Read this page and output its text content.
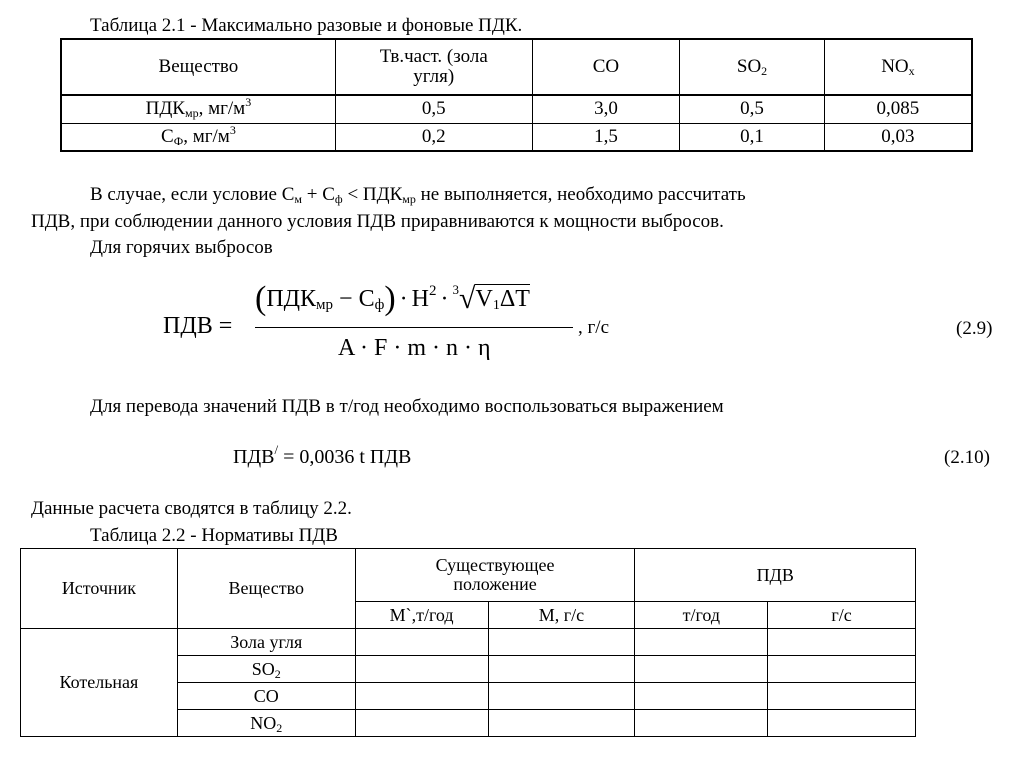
Таблица 2.1 - Максимально разовые и фоновые ПДК.
Вещество	Тв.част. (зола угля)	CO	$SO_2$	$NO_x$
$ПДК_{мр}$, $мг/м^3$	0,5	3,0	0,5	0,085
$С_Ф$, $мг/м^3$	0,2	1,5	0,1	0,03
В случае, если условие $С_м + С_ф < ПДК_{мр}$ не выполняется, необходимо рассчитать
ПДВ, при соблюдении данного условия ПДВ приравниваются к мощности выбросов.
Для горячих выбросов
ПДВ =
$(ПДК_{мр} - С_ф) \cdot H^2 \cdot ^3√V_1\Delta T$
A · F · m · n · η
, г/с	(2.9)
Для перевода значений ПДВ в т/год необходимо воспользоваться выражением
ПДВ/ = 0,0036 t ПДВ	(2.10)
Данные расчета сводятся в таблицу 2.2.
Таблица 2.2 - Нормативы ПДВ
Источник	Вещество	Существующее положение		ПДВ	
		М`,т/год	М, г/с	т/год	г/с
Котельная	Зола угля				
	$SO_2$				
	CO				
	$NO_2$				
